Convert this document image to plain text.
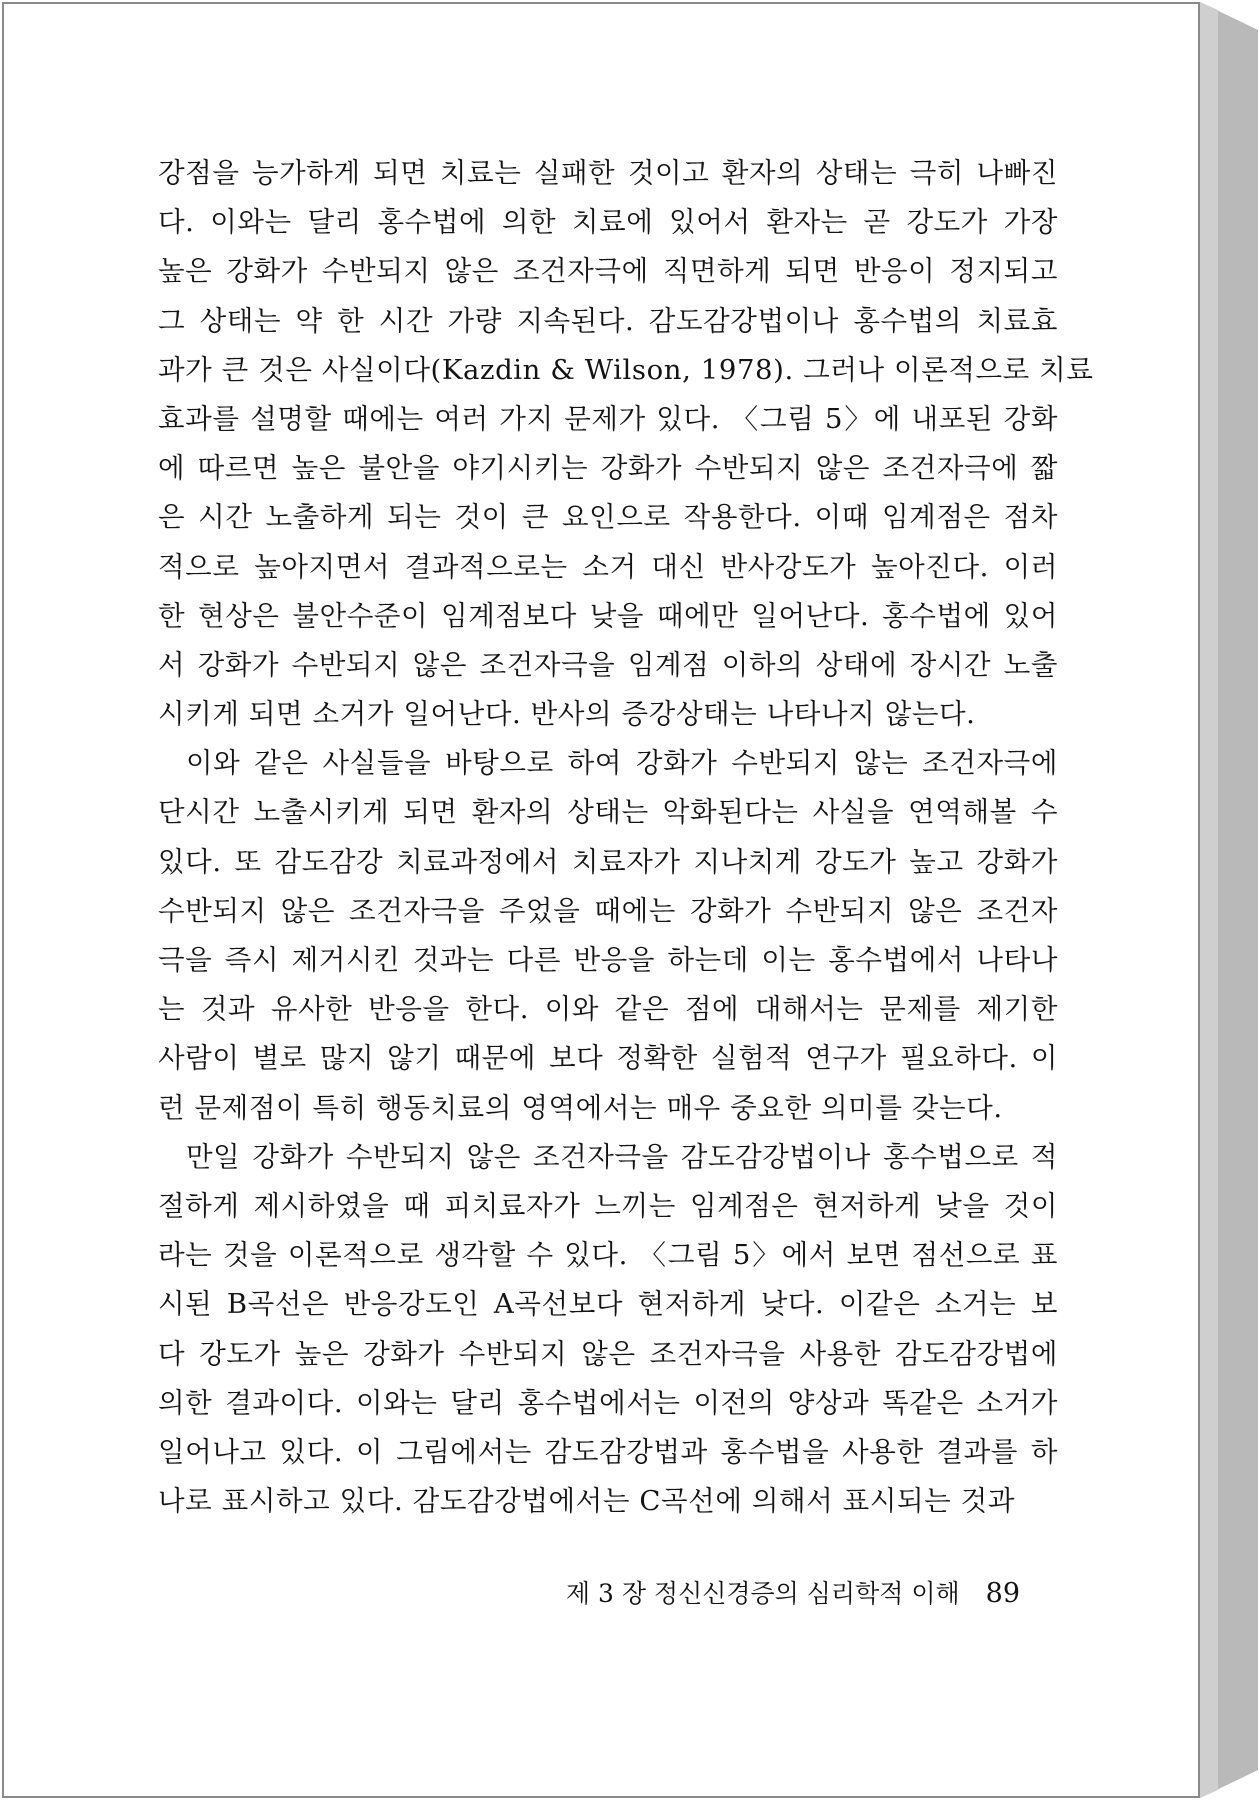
강점을 능가하게 되면 치료는 실패한 것이고 환자의 상태는 극히 나빠진
다. 이와는 달리 홍수법에 의한 치료에 있어서 환자는 곧 강도가 가장
높은 강화가 수반되지 않은 조건자극에 직면하게 되면 반응이 정지되고
그 상태는 약 한 시간 가량 지속된다. 감도감강법이나 홍수법의 치료효
과가 큰 것은 사실이다(Kazdin & Wilson, 1978). 그러나 이론적으로 치료
효과를 설명할 때에는 여러 가지 문제가 있다. 〈그림 5〉에 내포된 강화
에 따르면 높은 불안을 야기시키는 강화가 수반되지 않은 조건자극에 짧
은 시간 노출하게 되는 것이 큰 요인으로 작용한다. 이때 임계점은 점차
적으로 높아지면서 결과적으로는 소거 대신 반사강도가 높아진다. 이러
한 현상은 불안수준이 임계점보다 낮을 때에만 일어난다. 홍수법에 있어
서 강화가 수반되지 않은 조건자극을 임계점 이하의 상태에 장시간 노출
시키게 되면 소거가 일어난다. 반사의 증강상태는 나타나지 않는다.
이와 같은 사실들을 바탕으로 하여 강화가 수반되지 않는 조건자극에
단시간 노출시키게 되면 환자의 상태는 악화된다는 사실을 연역해볼 수
있다. 또 감도감강 치료과정에서 치료자가 지나치게 강도가 높고 강화가
수반되지 않은 조건자극을 주었을 때에는 강화가 수반되지 않은 조건자
극을 즉시 제거시킨 것과는 다른 반응을 하는데 이는 홍수법에서 나타나
는 것과 유사한 반응을 한다. 이와 같은 점에 대해서는 문제를 제기한
사람이 별로 많지 않기 때문에 보다 정확한 실험적 연구가 필요하다. 이
런 문제점이 특히 행동치료의 영역에서는 매우 중요한 의미를 갖는다.
만일 강화가 수반되지 않은 조건자극을 감도감강법이나 홍수법으로 적
절하게 제시하였을 때 피치료자가 느끼는 임계점은 현저하게 낮을 것이
라는 것을 이론적으로 생각할 수 있다. 〈그림 5〉에서 보면 점선으로 표
시된 B곡선은 반응강도인 A곡선보다 현저하게 낮다. 이같은 소거는 보
다 강도가 높은 강화가 수반되지 않은 조건자극을 사용한 감도감강법에
의한 결과이다. 이와는 달리 홍수법에서는 이전의 양상과 똑같은 소거가
일어나고 있다. 이 그림에서는 감도감강법과 홍수법을 사용한 결과를 하
나로 표시하고 있다. 감도감강법에서는 C곡선에 의해서 표시되는 것과
제 3 장 정신신경증의 심리학적 이해 89
